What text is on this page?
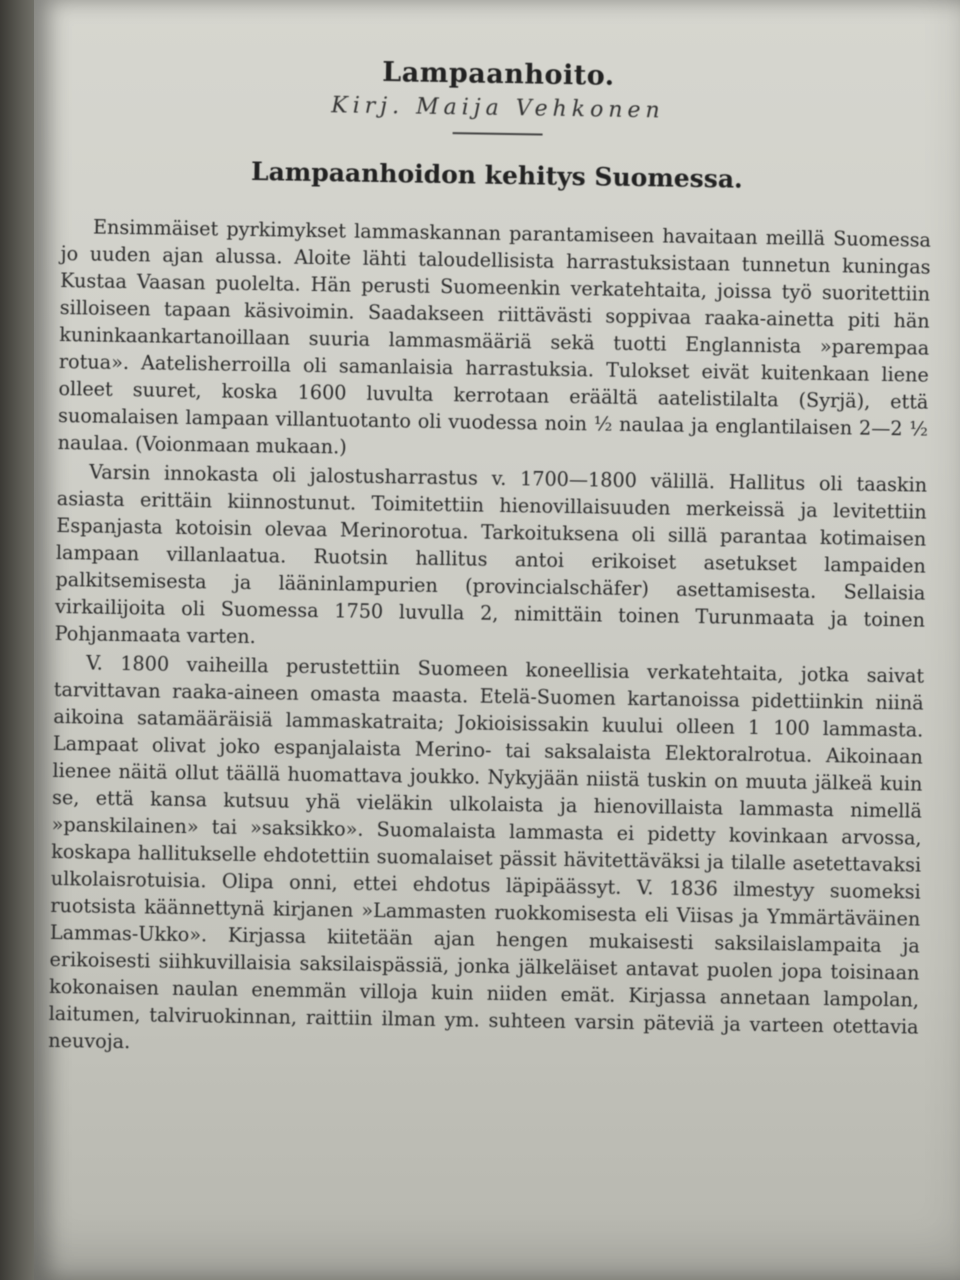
Lampaanhoito.
Kirj. Maija Vehkonen
Lampaanhoidon kehitys Suomessa.

Ensimmäiset pyrkimykset lammaskannan parantamiseen havaitaan meillä Suomessa jo uuden ajan alussa. Aloite lähti taloudellisista harrastuksistaan tunnetun kuningas Kustaa Vaasan puolelta. Hän perusti Suomeenkin verkatehtaita, joissa työ suoritettiin silloiseen tapaan käsivoimin. Saadakseen riittävästi soppivaa raaka-ainetta piti hän kuninkaankartanoillaan suuria lammasmääriä sekä tuotti Englannista »parempaa rotua». Aatelisherroilla oli samanlaisia harrastuksia. Tulokset eivät kuitenkaan liene olleet suuret, koska 1600 luvulta kerrotaan eräältä aatelistilalta (Syrjä), että suomalaisen lampaan villantuotanto oli vuodessa noin ½ naulaa ja englantilaisen 2—2 ½ naulaa. (Voionmaan mukaan.)

Varsin innokasta oli jalostusharrastus v. 1700—1800 välillä. Hallitus oli taaskin asiasta erittäin kiinnostunut. Toimitettiin hienovillaisuuden merkeissä ja levitettiin Espanjasta kotoisin olevaa Merinorotua. Tarkoituksena oli sillä parantaa kotimaisen lampaan villanlaatua. Ruotsin hallitus antoi erikoiset asetukset lampaiden palkitsemisesta ja lääninlampurien (provincialschäfer) asettamisesta. Sellaisia virkailijoita oli Suomessa 1750 luvulla 2, nimittäin toinen Turunmaata ja toinen Pohjanmaata varten.

V. 1800 vaiheilla perustettiin Suomeen koneellisia verkatehtaita, jotka saivat tarvittavan raaka-aineen omasta maasta. Etelä-Suomen kartanoissa pidettiinkin niinä aikoina satamääräisiä lammaskatraita; Jokioisissakin kuului olleen 1 100 lammasta. Lampaat olivat joko espanjalaista Merino- tai saksalaista Elektoralrotua. Aikoinaan lienee näitä ollut täällä huomattava joukko. Nykyjään niistä tuskin on muuta jälkeä kuin se, että kansa kutsuu yhä vieläkin ulkolaista ja hienovillaista lammasta nimellä »panskilainen» tai »saksikko». Suomalaista lammasta ei pidetty kovinkaan arvossa, koskapa hallitukselle ehdotettiin suomalaiset pässit hävitettäväksi ja tilalle asetettavaksi ulkolaisrotuisia. Olipa onni, ettei ehdotus läpipäässyt. V. 1836 ilmestyy suomeksi ruotsista käännettynä kirjanen »Lammasten ruokkomisesta eli Viisas ja Ymmärtäväinen Lammas-Ukko». Kirjassa kiitetään ajan hengen mukaisesti saksilaislampaita ja erikoisesti siihkuvillaisia saksilaispässiä, jonka jälkeläiset antavat puolen jopa toisinaan kokonaisen naulan enemmän villoja kuin niiden emät. Kirjassa annetaan lampolan, laitumen, talviruokinnan, raittiin ilman ym. suhteen varsin päteviä ja varteen otettavia neuvoja.
